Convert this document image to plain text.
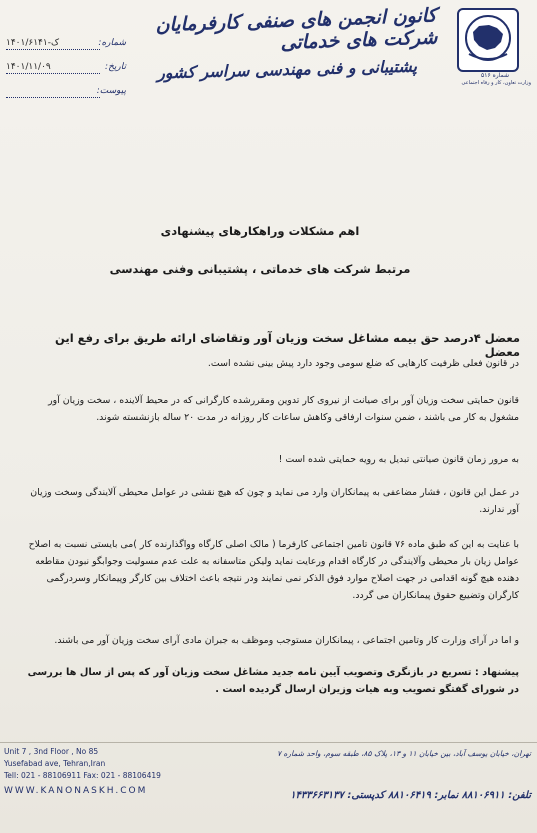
شماره ۵۱۶
وزارت تعاون، کار و رفاه اجتماعی
کانون انجمن های صنفی کارفرمایان شرکت های خدماتی
پشتیبانی و فنی مهندسی سراسر کشور
شماره:
۱۴۰۱/۶ک-۱۴۱
تاریخ:
۱۴۰۱/۱۱/۰۹
پیوست:
اهم مشکلات وراهکارهای پیشنهادی
مرتبط شرکت های خدماتی ، پشتیبانی وفنی مهندسی
معضل ۴درصد حق بیمه مشاغل سخت وزیان آور وتقاضای ارائه طریق برای رفع این معضل
در قانون فعلی ظرفیت کارهایی که ضلع سومی وجود دارد پیش بینی نشده است.
قانون حمایتی سخت وزیان آور برای صیانت از نیروی کار تدوین ومقررشده کارگرانی که در محیط آلاینده ، سخت وزیان آور مشغول به کار می باشند ، ضمن سنوات ارفاقی وکاهش ساعات کار روزانه در مدت ۲۰ ساله بازنشسته شوند.
به مرور زمان قانون صیانتی تبدیل به رویه حمایتی شده است !
در عمل این قانون ، فشار مضاعفی به پیمانکاران وارد می نماید و چون که هیچ نقشی در عوامل محیطی آلایندگی وسخت وزیان آور ندارند.
با عنایت به این که طبق ماده ۷۶ قانون تامین اجتماعی کارفرما ( مالک اصلی کارگاه وواگذارنده کار )می بایستی نسبت به اصلاح عوامل زیان بار محیطی وآلایندگی در کارگاه اقدام ورعایت نماید ولیکن متاسفانه به علت عدم مسولیت وجوابگو نبودن مقاطعه دهنده هیچ گونه اقدامی در جهت اصلاح موارد فوق الذکر نمی نمایند ودر نتیجه باعث اختلاف بین کارگر وپیمانکار وسردرگمی کارگران وتضییع حقوق پیمانکاران می گردد.
و اما در آرای وزارت کار وتامین اجتماعی ، پیمانکاران مستوجب وموظف به جبران مادی آرای سخت وزیان آور می باشند.
پیشنهاد : تسریع در بازنگری وتصویب آیین نامه جدید مشاغل سخت وزیان آور که پس از سال ها بررسی در شورای گفتگو تصویب وبه هیات وزیران ارسال گردیده است .
Unit 7 , 3nd Floor , No 85
Yusefabad ave, Tehran,Iran
Tell: 021 - 88106911 Fax: 021 - 88106419
WWW.KANONASKH.COM
تهران، خیابان یوسف آباد، بین خیابان ۱۱ و ۱۳، پلاک ۸۵، طبقه سوم، واحد شماره ۷
تلفن: ۸۸۱۰۶۹۱۱ نمابر: ۸۸۱۰۶۴۱۹ کدپستی: ۱۴۳۳۶۶۳۱۳۷
